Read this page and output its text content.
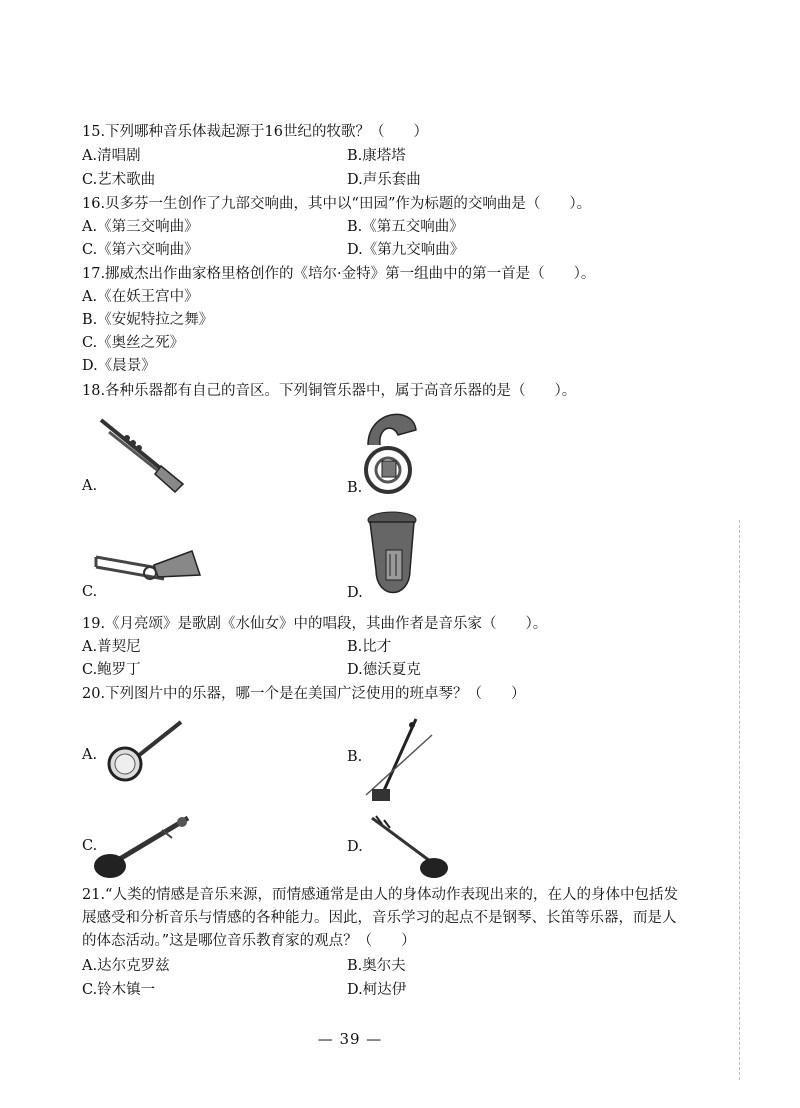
15.下列哪种音乐体裁起源于16世纪的牧歌？（　　）
A.清唱剧	B.康塔塔
C.艺术歌曲	D.声乐套曲
16.贝多芬一生创作了九部交响曲，其中以“田园”作为标题的交响曲是（　　）。
A.《第三交响曲》	B.《第五交响曲》
C.《第六交响曲》	D.《第九交响曲》
17.挪威杰出作曲家格里格创作的《培尔·金特》第一组曲中的第一首是（　　）。
A.《在妖王宫中》
B.《安妮特拉之舞》
C.《奥丝之死》
D.《晨景》
18.各种乐器都有自己的音区。下列铜管乐器中，属于高音乐器的是（　　）。
A.	B.
C.	D.
19.《月亮颂》是歌剧《水仙女》中的唱段，其曲作者是音乐家（　　）。
A.普契尼	B.比才
C.鲍罗丁	D.德沃夏克
20.下列图片中的乐器，哪一个是在美国广泛使用的班卓琴？（　　）
A.	B.
C.	D.
21.“人类的情感是音乐来源，而情感通常是由人的身体动作表现出来的，在人的身体中包括发展感受和分析音乐与情感的各种能力。因此，音乐学习的起点不是钢琴、长笛等乐器，而是人的体态活动。”这是哪位音乐教育家的观点？（　　）
A.达尔克罗兹	B.奥尔夫
C.铃木镇一	D.柯达伊
— 39 —
